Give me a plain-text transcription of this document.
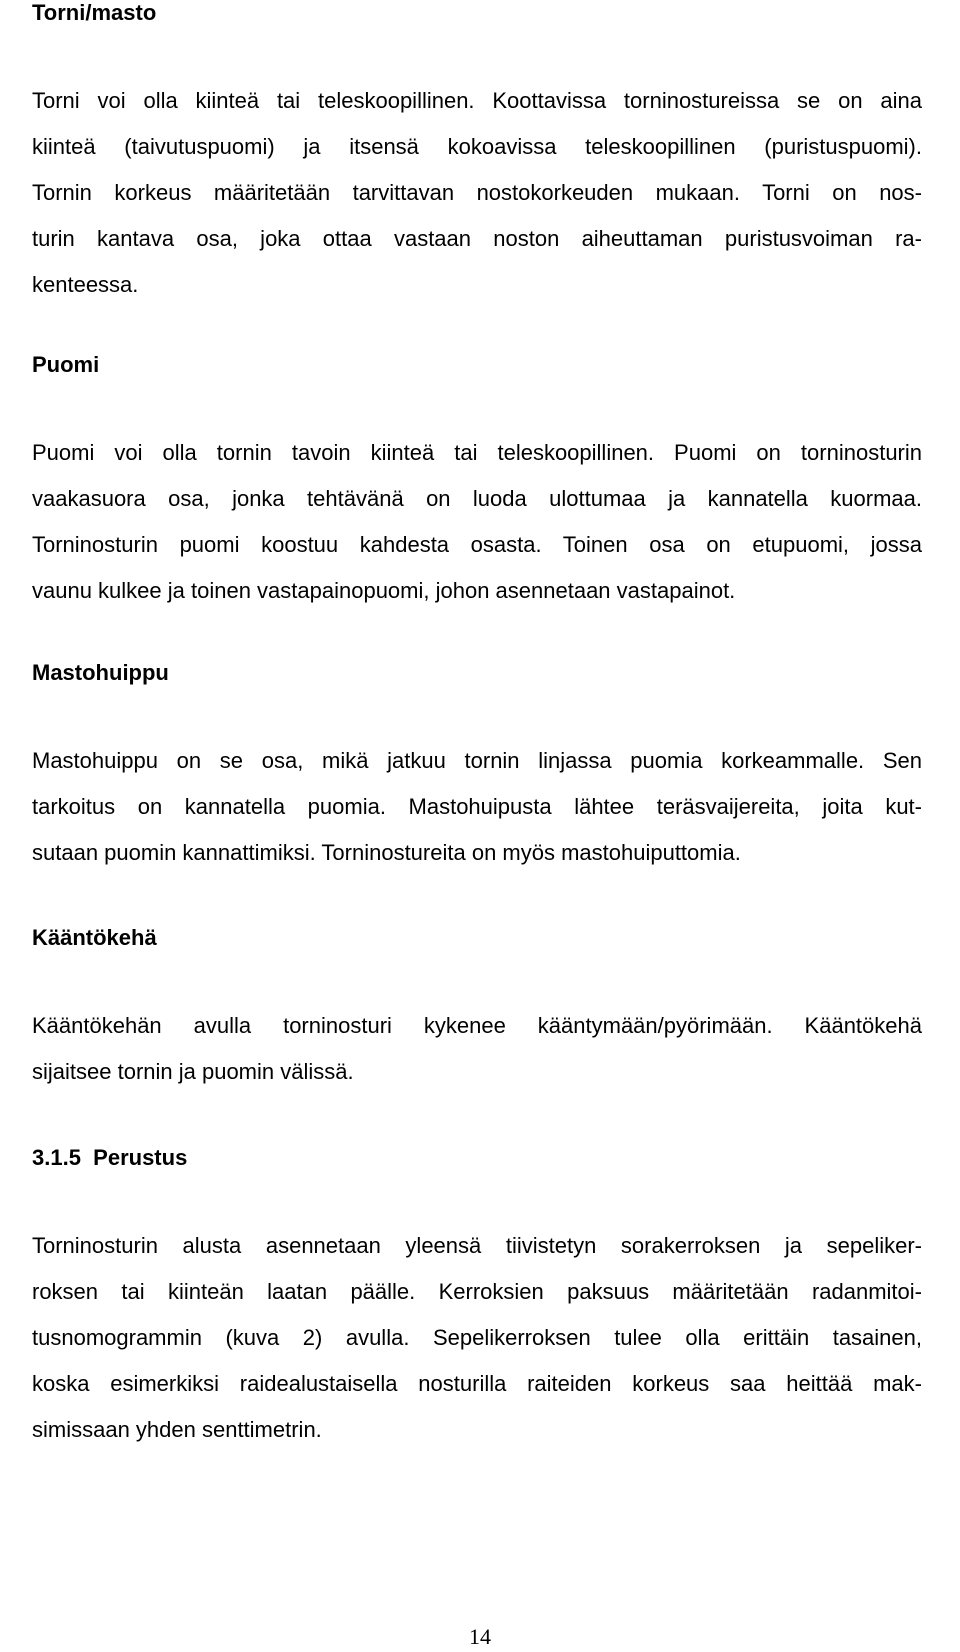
Torni/masto
Torni voi olla kiinteä tai teleskoopillinen. Koottavissa torninostureissa se on aina
kiinteä (taivutuspuomi) ja itsensä kokoavissa teleskoopillinen (puristuspuomi).
Tornin korkeus määritetään tarvittavan nostokorkeuden mukaan. Torni on nos-
turin kantava osa, joka ottaa vastaan noston aiheuttaman puristusvoiman ra-
kenteessa.
Puomi
Puomi voi olla tornin tavoin kiinteä tai teleskoopillinen. Puomi on torninosturin
vaakasuora osa, jonka tehtävänä on luoda ulottumaa ja kannatella kuormaa.
Torninosturin puomi koostuu kahdesta osasta. Toinen osa on etupuomi, jossa
vaunu kulkee ja toinen vastapainopuomi, johon asennetaan vastapainot.
Mastohuippu
Mastohuippu on se osa, mikä jatkuu tornin linjassa puomia korkeammalle. Sen
tarkoitus on kannatella puomia. Mastohuipusta lähtee teräsvaijereita, joita kut-
sutaan puomin kannattimiksi. Torninostureita on myös mastohuiputtomia.
Kääntökehä
Kääntökehän avulla torninosturi kykenee kääntymään/pyörimään. Kääntökehä
sijaitsee tornin ja puomin välissä.
3.1.5  Perustus
Torninosturin alusta asennetaan yleensä tiivistetyn sorakerroksen ja sepeliker-
roksen tai kiinteän laatan päälle. Kerroksien paksuus määritetään radanmitoi-
tusnomogrammin (kuva 2) avulla. Sepelikerroksen tulee olla erittäin tasainen,
koska esimerkiksi raidealustaisella nosturilla raiteiden korkeus saa heittää mak-
simissaan yhden senttimetrin.
14
